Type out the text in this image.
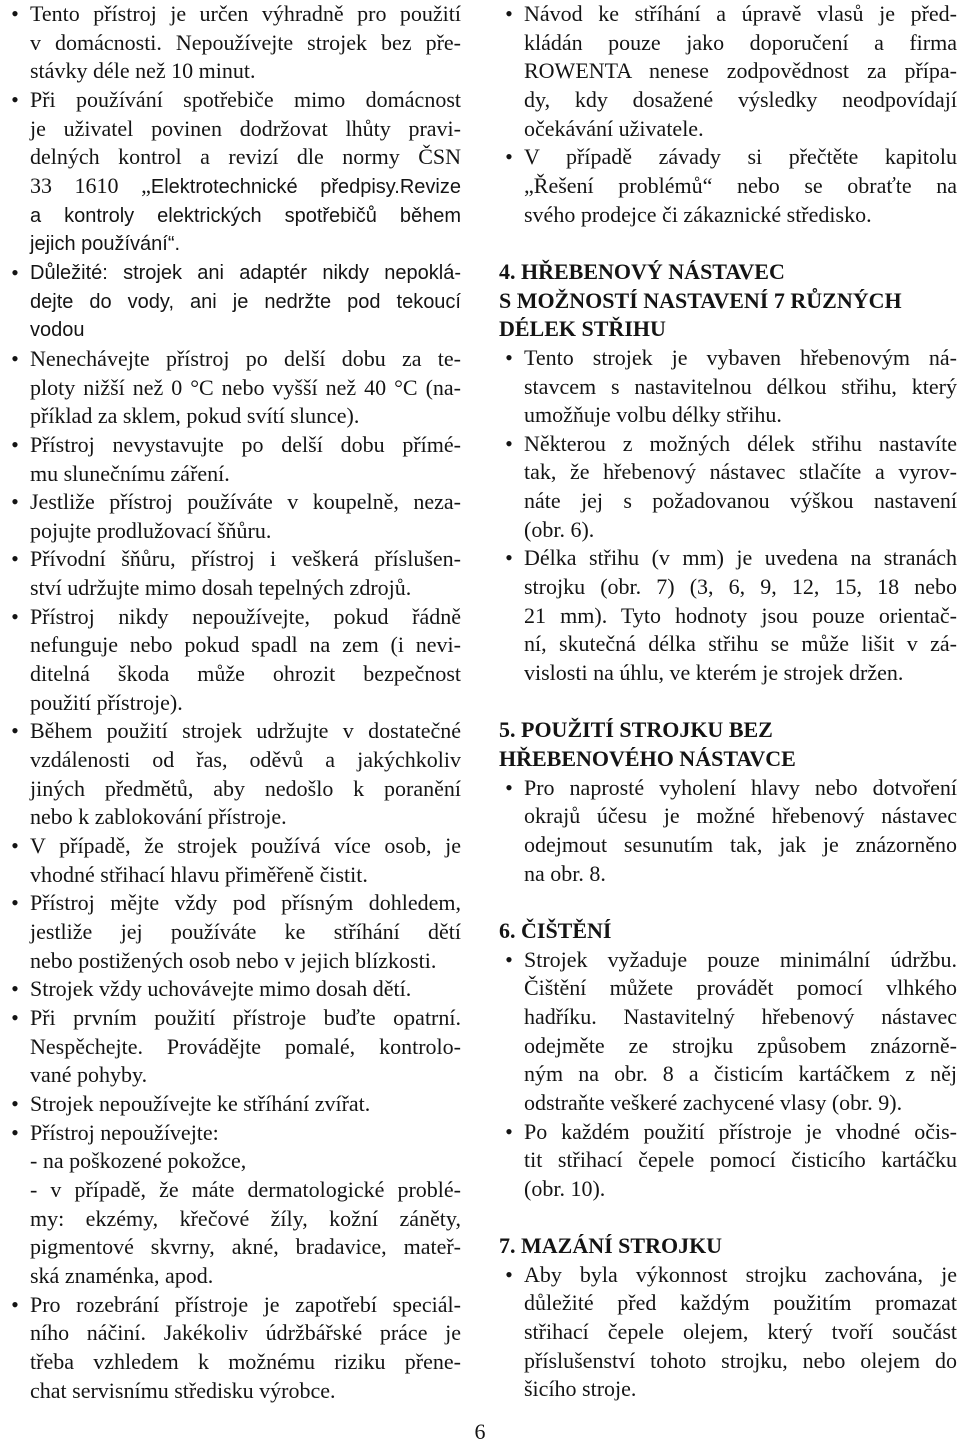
• Tento přístroj je určen výhradně pro použití
v domácnosti. Nepoužívejte strojek bez pře-
stávky déle než 10 minut.
• Při používání spotřebiče mimo domácnost
je uživatel povinen dodržovat lhůty pravi-
delných kontrol a revizí dle normy ČSN
33 1610 „Elektrotechnické předpisy.Revize
a kontroly elektrických spotřebičů během
jejich používání“.
• Důležité: strojek ani adaptér nikdy nepoklá-
dejte do vody, ani je nedržte pod tekoucí
vodou
• Nenechávejte přístroj po delší dobu za te-
ploty nižší než 0 °C nebo vyšší než 40 °C (na-
příklad za sklem, pokud svítí slunce).
• Přístroj nevystavujte po delší dobu přímé-
mu slunečnímu záření.
• Jestliže přístroj používáte v koupelně, neza-
pojujte prodlužovací šňůru.
• Přívodní šňůru, přístroj i veškerá příslušen-
ství udržujte mimo dosah tepelných zdrojů.
• Přístroj nikdy nepoužívejte, pokud řádně
nefunguje nebo pokud spadl na zem (i nevi-
ditelná škoda může ohrozit bezpečnost
použití přístroje).
• Během použití strojek udržujte v dostatečné
vzdálenosti od řas, oděvů a jakýchkoliv
jiných předmětů, aby nedošlo k poranění
nebo k zablokování přístroje.
• V případě, že strojek používá více osob, je
vhodné střihací hlavu přiměřeně čistit.
• Přístroj mějte vždy pod přísným dohledem,
jestliže jej používáte ke stříhání dětí
nebo postižených osob nebo v jejich blízkosti.
• Strojek vždy uchovávejte mimo dosah dětí.
• Při prvním použití přístroje buďte opatrní.
Nespěchejte. Provádějte pomalé, kontrolo-
vané pohyby.
• Strojek nepoužívejte ke stříhání zvířat.
• Přístroj nepoužívejte:
- na poškozené pokožce,
- v případě, že máte dermatologické problé-
my: ekzémy, křečové žíly, kožní záněty,
pigmentové skvrny, akné, bradavice, mateř-
ská znaménka, apod.
• Pro rozebrání přístroje je zapotřebí speciál-
ního náčiní. Jakékoliv údržbářské práce je
třeba vzhledem k možnému riziku přene-
chat servisnímu středisku výrobce.
• Návod ke stříhání a úpravě vlasů je před-
kládán pouze jako doporučení a firma
ROWENTA nenese zodpovědnost za přípa-
dy, kdy dosažené výsledky neodpovídají
očekávání uživatele.
• V případě závady si přečtěte kapitolu
„Řešení problémů“ nebo se obraťte na
svého prodejce či zákaznické středisko.
4. HŘEBENOVÝ NÁSTAVEC
S MOŽNOSTÍ NASTAVENÍ 7 RŮZNÝCH
DÉLEK STŘIHU
• Tento strojek je vybaven hřebenovým ná-
stavcem s nastavitelnou délkou střihu, který
umožňuje volbu délky střihu.
• Některou z možných délek střihu nastavíte
tak, že hřebenový nástavec stlačíte a vyrov-
náte jej s požadovanou výškou nastavení
(obr. 6).
• Délka střihu (v mm) je uvedena na stranách
strojku (obr. 7) (3, 6, 9, 12, 15, 18 nebo
21 mm). Tyto hodnoty jsou pouze orientač-
ní, skutečná délka střihu se může lišit v zá-
vislosti na úhlu, ve kterém je strojek držen.
5. POUŽITÍ STROJKU BEZ
HŘEBENOVÉHO NÁSTAVCE
• Pro naprosté vyholení hlavy nebo dotvoření
okrajů účesu je možné hřebenový nástavec
odejmout sesunutím tak, jak je znázorněno
na obr. 8.
6. ČIŠTĚNÍ
• Strojek vyžaduje pouze minimální údržbu.
Čištění můžete provádět pomocí vlhkého
hadříku. Nastavitelný hřebenový nástavec
odejměte ze strojku způsobem znázorně-
ným na obr. 8 a čisticím kartáčkem z něj
odstraňte veškeré zachycené vlasy (obr. 9).
• Po každém použití přístroje je vhodné očis-
tit střihací čepele pomocí čisticího kartáčku
(obr. 10).
7. MAZÁNÍ STROJKU
• Aby byla výkonnost strojku zachována, je
důležité před každým použitím promazat
střihací čepele olejem, který tvoří součást
příslušenství tohoto strojku, nebo olejem do
šicího stroje.
6
